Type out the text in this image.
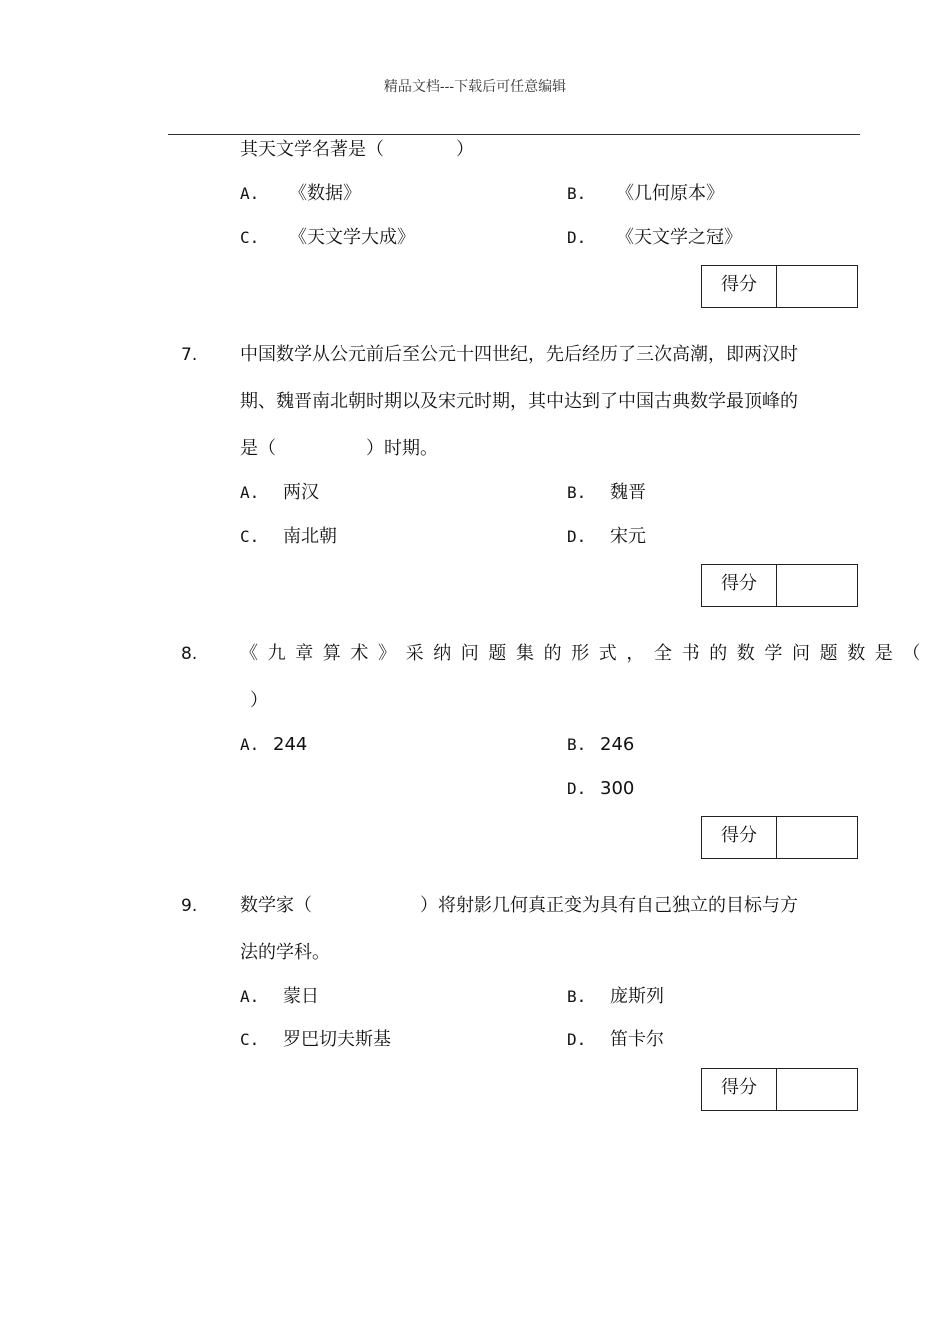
精品文档---下载后可任意编辑
其天文学名著是（　　　　）
A. 《数据》	B. 《几何原本》
C. 《天文学大成》	D. 《天文学之冠》
得分
7. 中国数学从公元前后至公元十四世纪，先后经历了三次高潮，即两汉时
期、魏晋南北朝时期以及宋元时期，其中达到了中国古典数学最顶峰的
是（　　　　　）时期。
A. 两汉	B. 魏晋
C. 南北朝	D. 宋元
得分
8. 《九章算术》采纳问题集的形式，全书的数学问题数是（
）
A. 244	B. 246
D. 300
得分
9. 数学家（　　　　　　）将射影几何真正变为具有自己独立的目标与方
法的学科。
A. 蒙日	B. 庞斯列
C. 罗巴切夫斯基	D. 笛卡尔
得分
